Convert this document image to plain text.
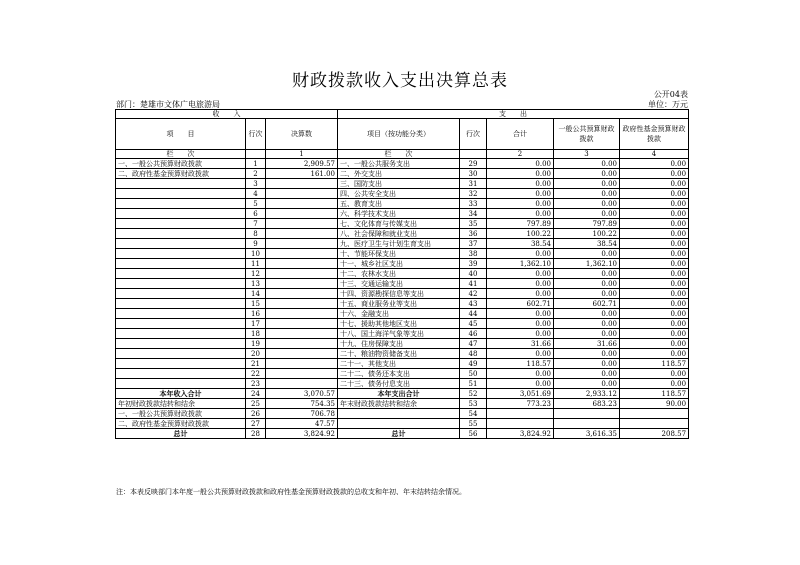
财政拨款收入支出决算总表
公开04表
部门：楚雄市文体广电旅游局	单位：万元
收　　入			支　　出				
项　　目	行次	决算数	项目（按功能分类）	行次	合计	一般公共预算财政拨款	政府性基金预算财政拨款
栏　　次		1	栏　　次		2	3	4
一、一般公共预算财政拨款	1	2,909.57	一、一般公共服务支出	29	0.00	0.00	0.00
二、政府性基金预算财政拨款	2	161.00	二、外交支出	30	0.00	0.00	0.00
	3		三、国防支出	31	0.00	0.00	0.00
	4		四、公共安全支出	32	0.00	0.00	0.00
	5		五、教育支出	33	0.00	0.00	0.00
	6		六、科学技术支出	34	0.00	0.00	0.00
	7		七、文化体育与传媒支出	35	797.89	797.89	0.00
	8		八、社会保障和就业支出	36	100.22	100.22	0.00
	9		九、医疗卫生与计划生育支出	37	38.54	38.54	0.00
	10		十、节能环保支出	38	0.00	0.00	0.00
	11		十一、城乡社区支出	39	1,362.10	1,362.10	0.00
	12		十二、农林水支出	40	0.00	0.00	0.00
	13		十三、交通运输支出	41	0.00	0.00	0.00
	14		十四、资源勘探信息等支出	42	0.00	0.00	0.00
	15		十五、商业服务业等支出	43	602.71	602.71	0.00
	16		十六、金融支出	44	0.00	0.00	0.00
	17		十七、援助其他地区支出	45	0.00	0.00	0.00
	18		十八、国土海洋气象等支出	46	0.00	0.00	0.00
	19		十九、住房保障支出	47	31.66	31.66	0.00
	20		二十、粮油物资储备支出	48	0.00	0.00	0.00
	21		二十一、其他支出	49	118.57	0.00	118.57
	22		二十二、债务还本支出	50	0.00	0.00	0.00
	23		二十三、债务付息支出	51	0.00	0.00	0.00
本年收入合计	24	3,070.57	本年支出合计	52	3,051.69	2,933.12	118.57
年初财政拨款结转和结余	25	754.35	年末财政拨款结转和结余	53	773.23	683.23	90.00
一、一般公共预算财政拨款	26	706.78		54			
二、政府性基金预算财政拨款	27	47.57		55			
总计	28	3,824.92	总计	56	3,824.92	3,616.35	208.57
注：本表反映部门本年度一般公共预算财政拨款和政府性基金预算财政拨款的总收支和年初、年末结转结余情况。
